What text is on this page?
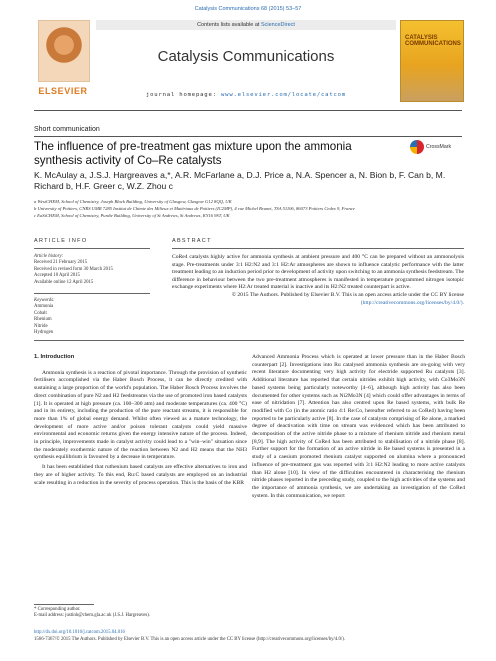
Catalysis Communications 68 (2015) 53–57
ELSEVIER
Contents lists available at ScienceDirect
Catalysis Communications
journal homepage: www.elsevier.com/locate/catcom
CATALYSIS COMMUNICATIONS
Short communication
The influence of pre-treatment gas mixture upon the ammonia synthesis activity of Co–Re catalysts
CrossMark
K. McAulay a, J.S.J. Hargreaves a,*, A.R. McFarlane a, D.J. Price a, N.A. Spencer a, N. Bion b, F. Can b, M. Richard b, H.F. Greer c, W.Z. Zhou c
a WestCHEM, School of Chemistry, Joseph Black Building, University of Glasgow, Glasgow G12 8QQ, UK
b University of Poitiers, CNRS UMR 7285 Institut de Chimie des Milieux et Matériaux de Poitiers (IC2MP), 4 rue Michel Brunet, TSA 51106, 86073 Poitiers Cedex 9, France
c EaStCHEM, School of Chemistry, Purdie Building, University of St Andrews, St Andrews, KY16 9ST, UK
ARTICLE INFO	ABSTRACT
Article history:
Received 21 February 2015
Received in revised form 30 March 2015
Accepted 10 April 2015
Available online 12 April 2015
Keywords:
Ammonia
Cobalt
Rhenium
Nitride
Hydrogen
CoRe4 catalysts highly active for ammonia synthesis at ambient pressure and 400 °C can be prepared without an ammonolysis stage. Pre-treatments under 3:1 H2:N2 and 3:1 H2:Ar atmospheres are shown to influence catalytic performance with the latter treatment leading to an induction period prior to development of activity upon switching to an ammonia synthesis feedstream. The difference in behaviour between the two pre-treatment atmospheres is manifested in temperature programmed nitrogen isotopic exchange experiments where H2:Ar treated material is inactive and its H2:N2 treated counterpart is active.
© 2015 The Authors. Published by Elsevier B.V. This is an open access article under the CC BY license (http://creativecommons.org/licenses/by/4.0/).
1. Introduction

Ammonia synthesis is a reaction of pivotal importance. Through the provision of synthetic fertilisers accomplished via the Haber Bosch Process, it can be directly credited with sustaining a large proportion of the world's population. The Haber Bosch Process involves the direct combination of pure N2 and H2 feedstreams via the use of promoted iron based catalysts [1]. It is operated at high pressure (ca. 100–300 atm) and moderate temperatures (ca. 400 °C) and in its entirety, including the production of the pure reactant streams, it is responsible for more than 1% of global energy demand. Whilst often viewed as a mature technology, the development of more active and/or poison tolerant catalysts could yield massive environmental and economic returns given the energy intensive nature of the process. Indeed, in principle, improvements made in catalyst activity could lead to a "win–win" situation since the moderately exothermic nature of the reaction between N2 and H2 means that the NH3 synthesis equilibrium is favoured by a decrease in temperature.

It has been established that ruthenium based catalysts are effective alternatives to iron and they are of higher activity. To this end, Ru:C based catalysts are employed on an industrial scale resulting in a reduction in the severity of process operation. This is the basis of the KBR

Advanced Ammonia Process which is operated at lower pressure than in the Haber Bosch counterpart [2]. Investigations into Ru catalysed ammonia synthesis are on-going with very recent literature documenting very high activity for electride supported Ru catalysts [3]. Additional literature has reported that certain nitrides exhibit high activity, with Co3Mo3N based systems being particularly noteworthy [4–6], although high activity has also been documented for other systems such as Ni2Mo3N [4] which could offer advantages in terms of ease of nitridation [7]. Attention has also centred upon Re based systems, with bulk Re modified with Co (in the atomic ratio 4:1 Re:Co, hereafter referred to as CoRe4) having been reported to be particularly active [8]. In the case of catalysts comprising of Re alone, a marked degree of deactivation with time on stream was evidenced which has been attributed to decomposition of the active nitride phase to a mixture of rhenium nitride and rhenium metal [8,9]. The high activity of CoRe4 has been attributed to stabilisation of a nitride phase [8]. Further support for the formation of an active nitride in Re based systems is presented in a study of a caesium promoted rhenium catalyst supported on alumina where a pronounced influence of pre-treatment gas was reported with 3:1 H2:N2 leading to more active catalysts than H2 alone [10]. In view of the difficulties encountered in characterising the rhenium nitride phases reported in the preceding study, coupled to the high activities of the systems and the importance of ammonia synthesis, we are undertaking an investigation of the CoRe4 system. In this communication, we report

* Corresponding author.
E-mail address: justinh@chem.gla.ac.uk (J.S.J. Hargreaves).
http://dx.doi.org/10.1016/j.catcom.2015.04.016
1566-7367/© 2015 The Authors. Published by Elsevier B.V. This is an open access article under the CC BY license (http://creativecommons.org/licenses/by/4.0/).
